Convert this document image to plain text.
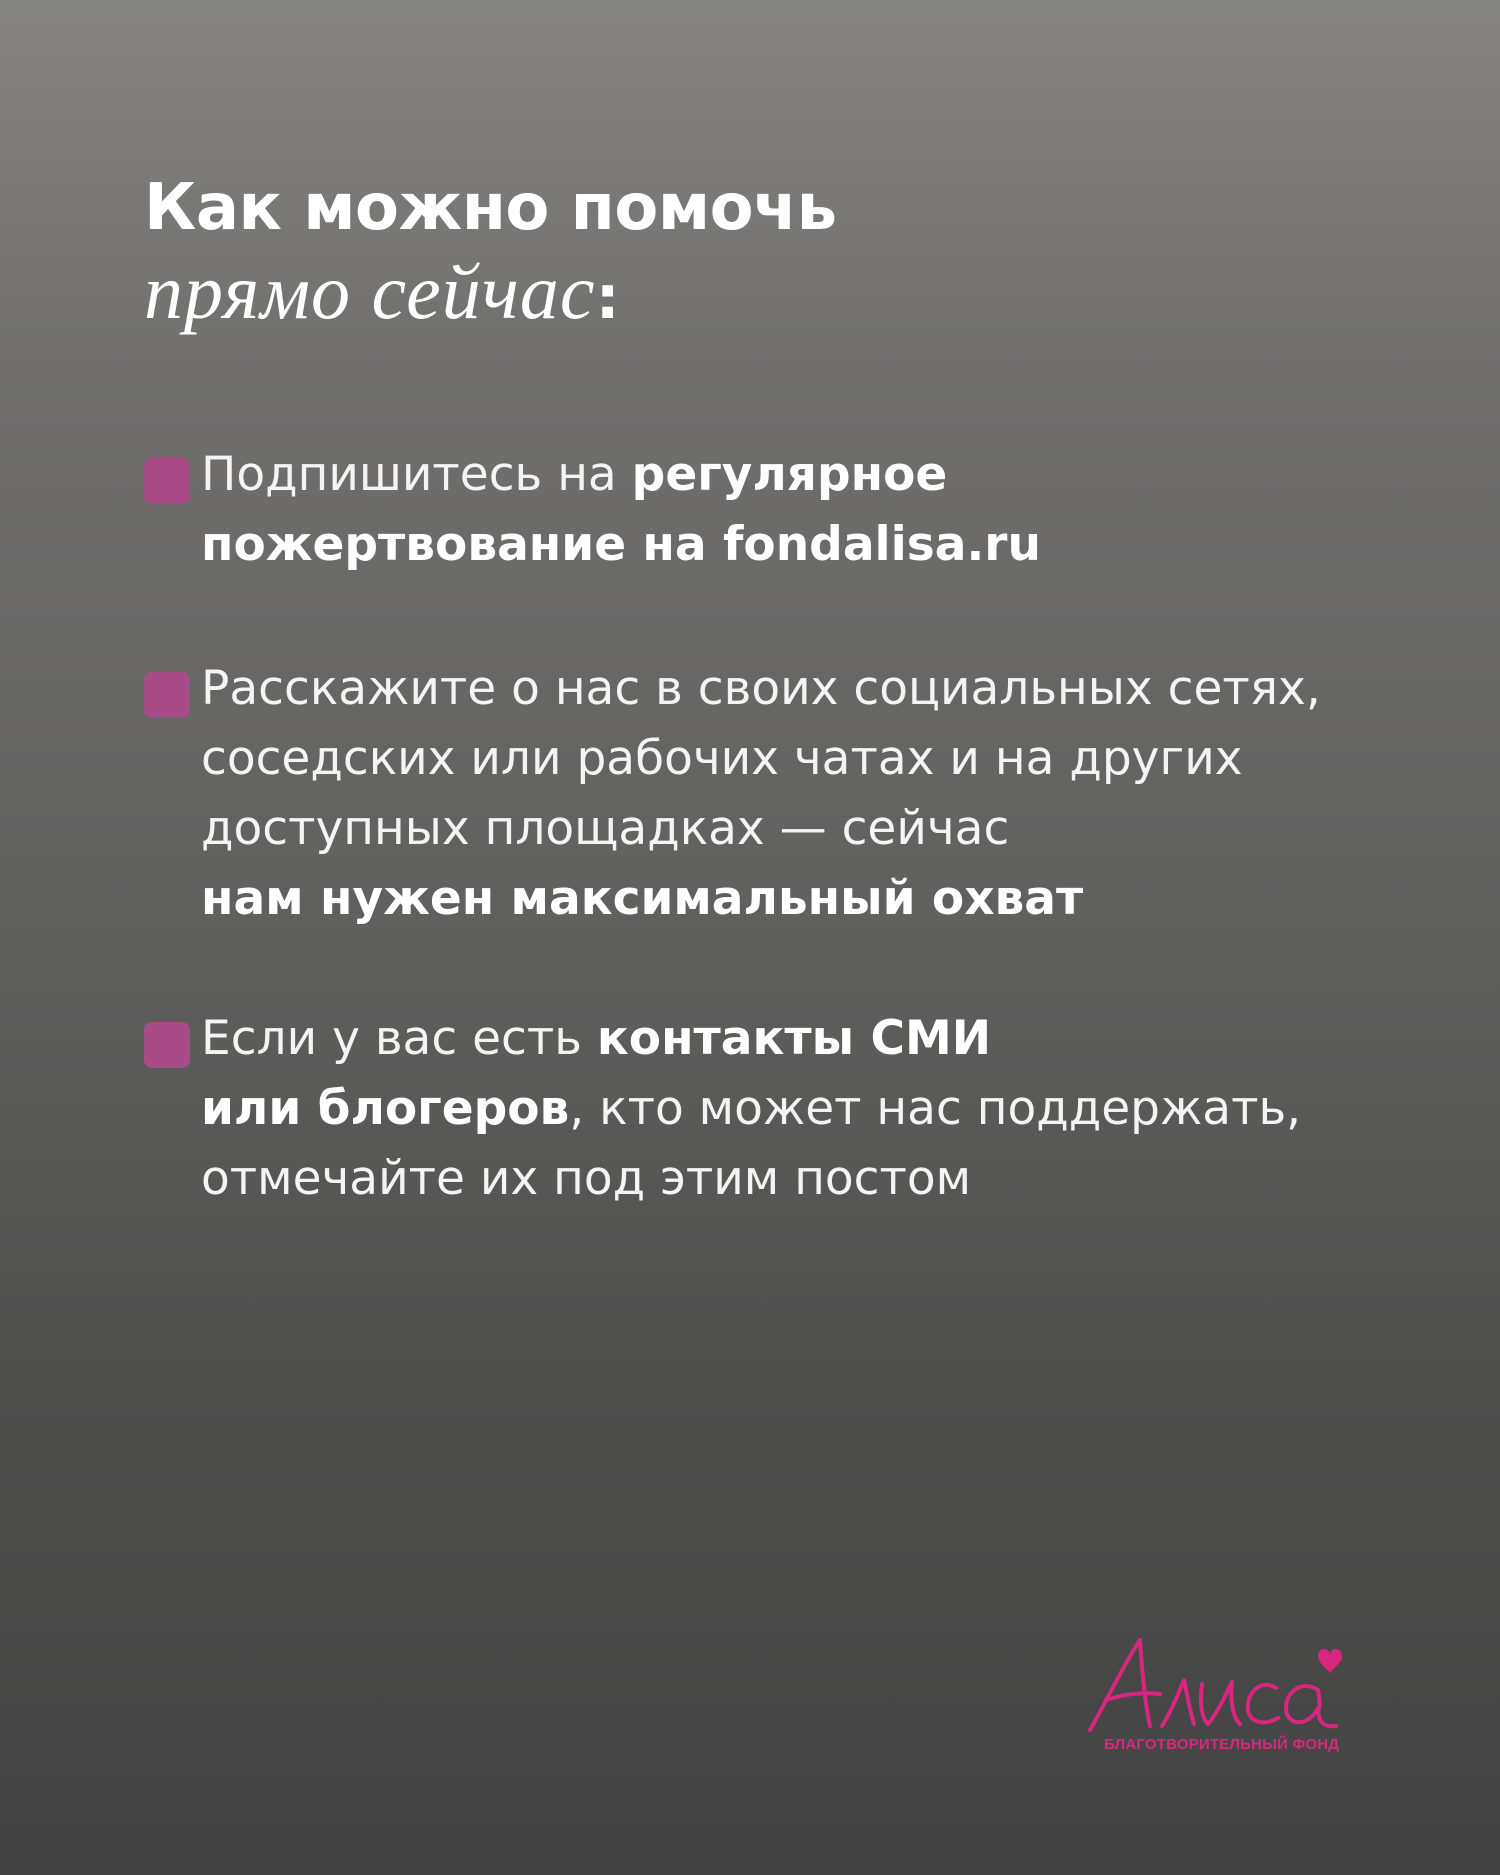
Как можно помочь
прямо сейчас:
Подпишитесь на регулярное
пожертвование на fondalisa.ru
Расскажите о нас в своих социальных сетях,
соседских или рабочих чатах и на других
доступных площадках — сейчас
нам нужен максимальный охват
Если у вас есть контакты СМИ
или блогеров, кто может нас поддержать,
отмечайте их под этим постом
БЛАГОТВОРИТЕЛЬНЫЙ ФОНД
